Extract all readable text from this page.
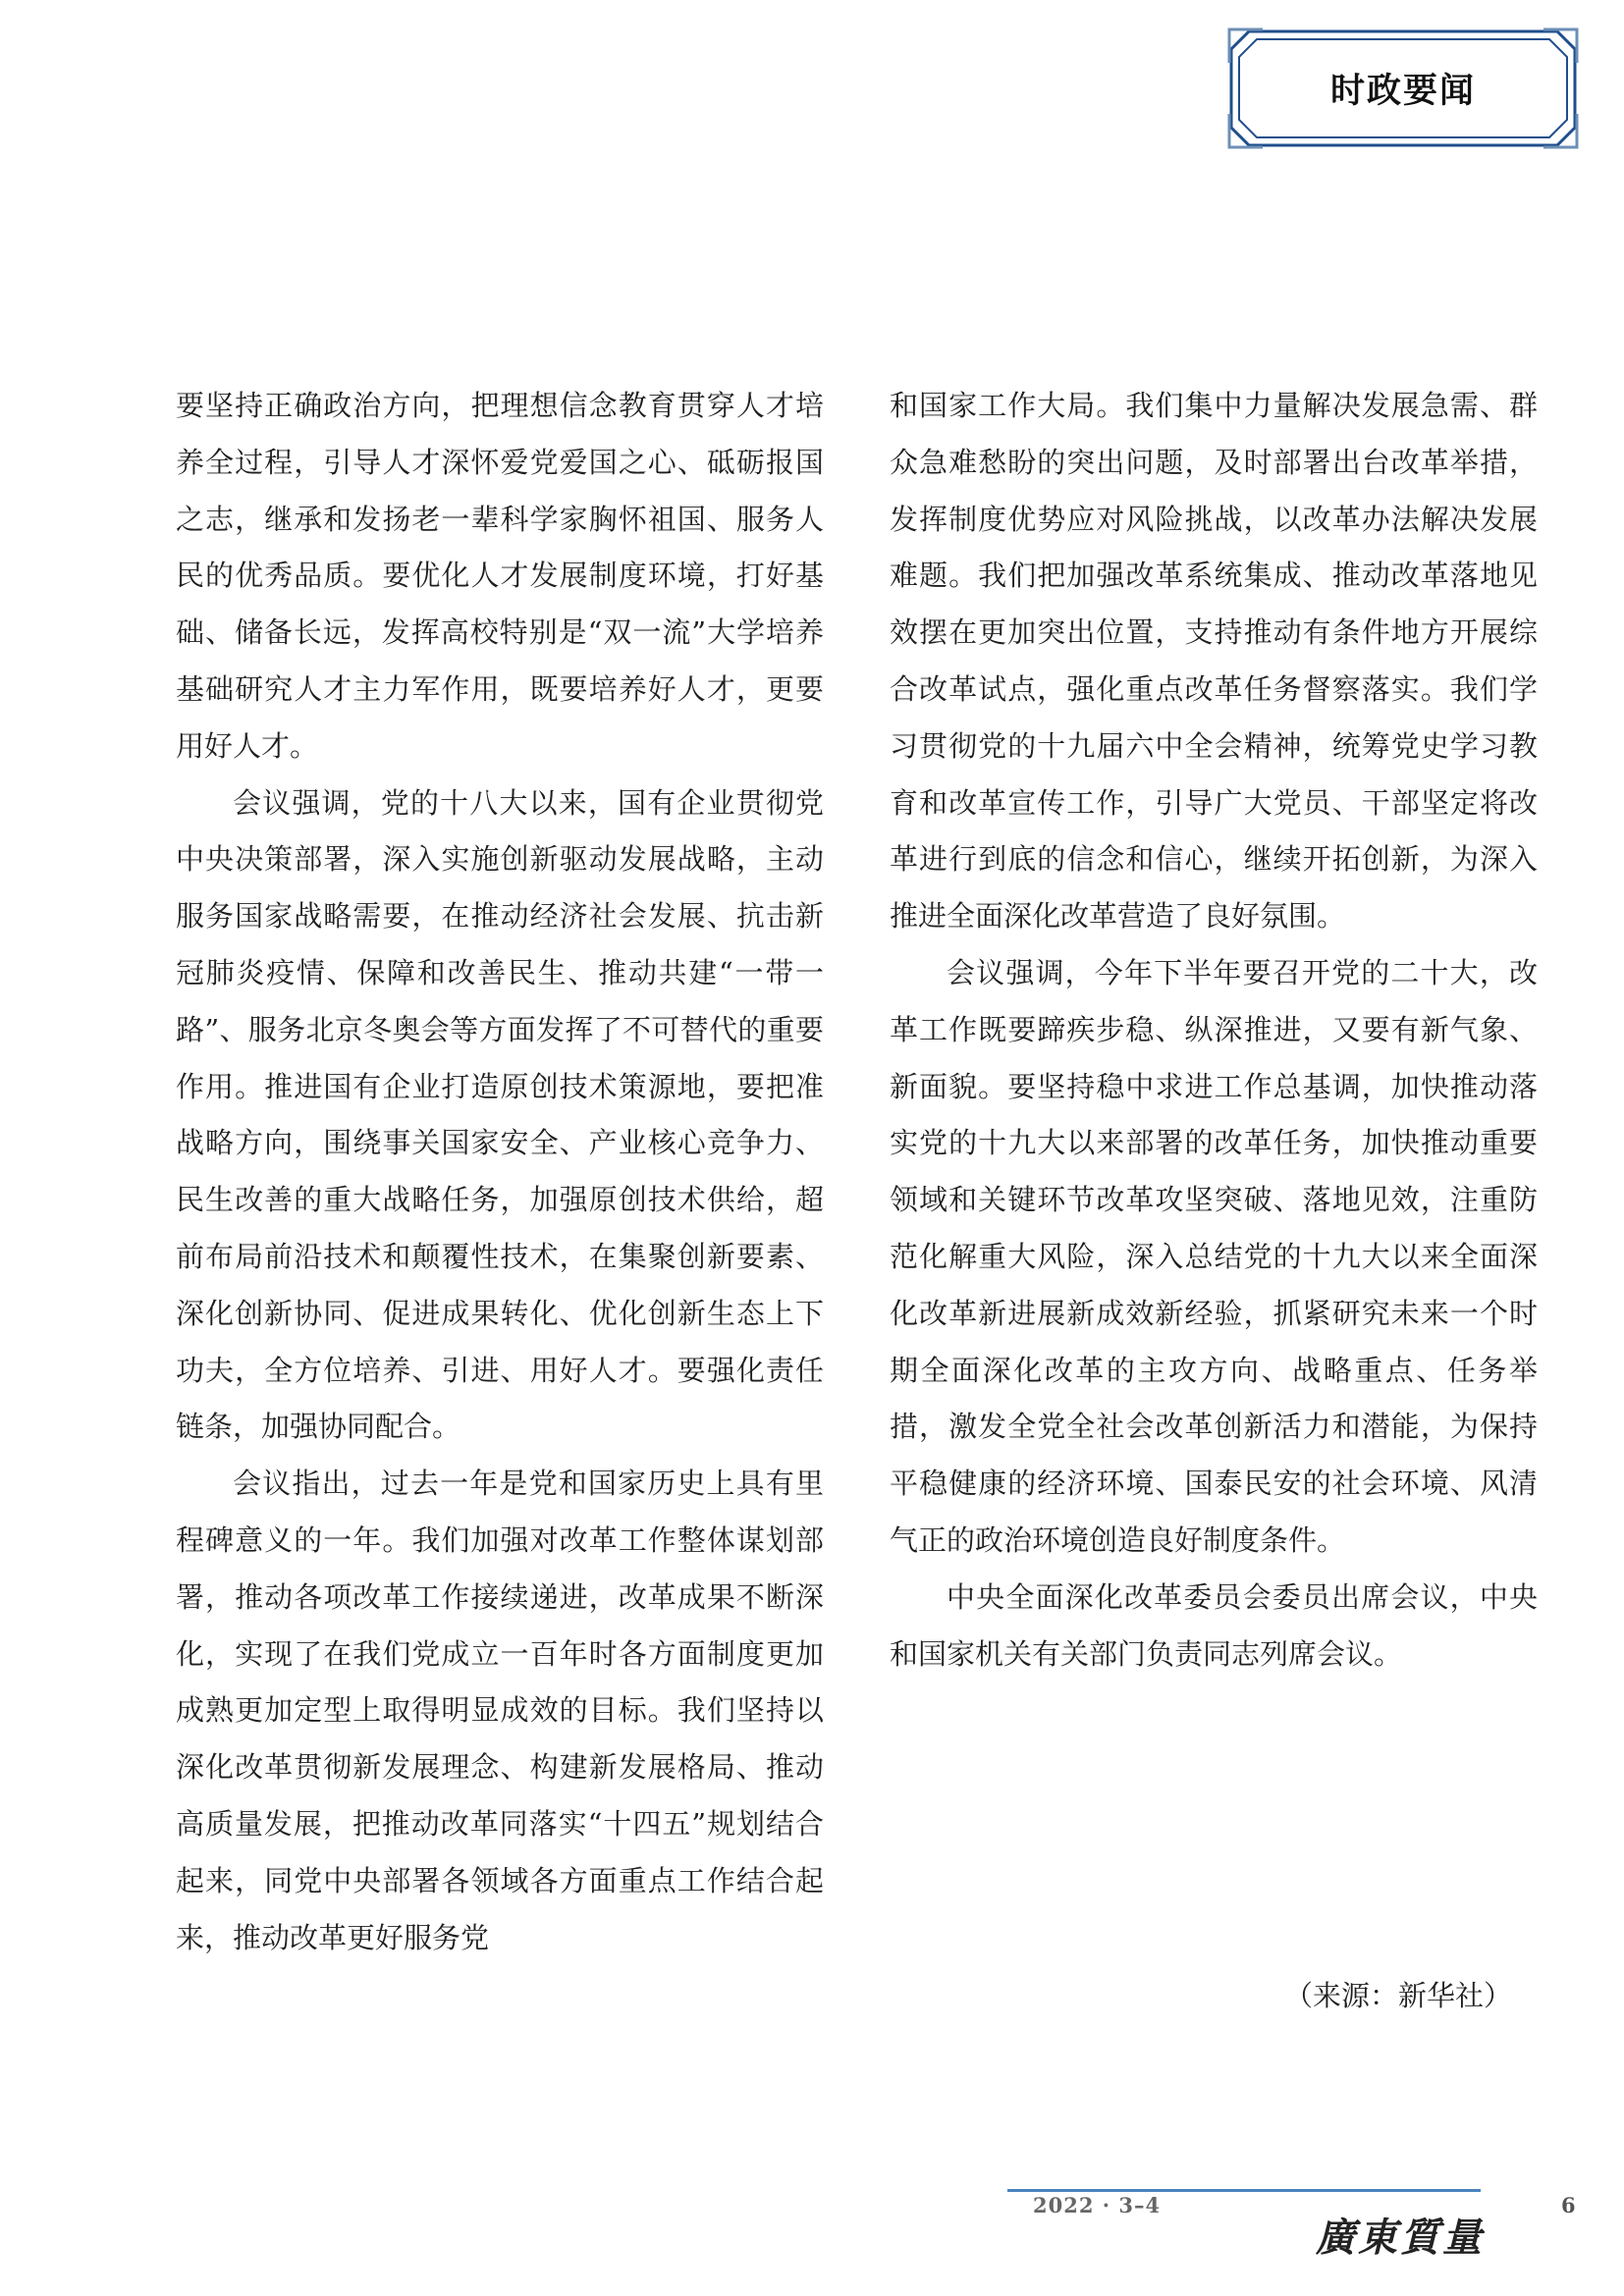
时政要闻

要坚持正确政治方向，把理想信念教育贯穿人才培养全过程，引导人才深怀爱党爱国之心、砥砺报国之志，继承和发扬老一辈科学家胸怀祖国、服务人民的优秀品质。要优化人才发展制度环境，打好基础、储备长远，发挥高校特别是“双一流”大学培养基础研究人才主力军作用，既要培养好人才，更要用好人才。

会议强调，党的十八大以来，国有企业贯彻党中央决策部署，深入实施创新驱动发展战略，主动服务国家战略需要，在推动经济社会发展、抗击新冠肺炎疫情、保障和改善民生、推动共建“一带一路”、服务北京冬奥会等方面发挥了不可替代的重要作用。推进国有企业打造原创技术策源地，要把准战略方向，围绕事关国家安全、产业核心竞争力、民生改善的重大战略任务，加强原创技术供给，超前布局前沿技术和颠覆性技术，在集聚创新要素、深化创新协同、促进成果转化、优化创新生态上下功夫，全方位培养、引进、用好人才。要强化责任链条，加强协同配合。

会议指出，过去一年是党和国家历史上具有里程碑意义的一年。我们加强对改革工作整体谋划部署，推动各项改革工作接续递进，改革成果不断深化，实现了在我们党成立一百年时各方面制度更加成熟更加定型上取得明显成效的目标。我们坚持以深化改革贯彻新发展理念、构建新发展格局、推动高质量发展，把推动改革同落实“十四五”规划结合起来，同党中央部署各领域各方面重点工作结合起来，推动改革更好服务党

和国家工作大局。我们集中力量解决发展急需、群众急难愁盼的突出问题，及时部署出台改革举措，发挥制度优势应对风险挑战，以改革办法解决发展难题。我们把加强改革系统集成、推动改革落地见效摆在更加突出位置，支持推动有条件地方开展综合改革试点，强化重点改革任务督察落实。我们学习贯彻党的十九届六中全会精神，统筹党史学习教育和改革宣传工作，引导广大党员、干部坚定将改革进行到底的信念和信心，继续开拓创新，为深入推进全面深化改革营造了良好氛围。

会议强调，今年下半年要召开党的二十大，改革工作既要蹄疾步稳、纵深推进，又要有新气象、新面貌。要坚持稳中求进工作总基调，加快推动落实党的十九大以来部署的改革任务，加快推动重要领域和关键环节改革攻坚突破、落地见效，注重防范化解重大风险，深入总结党的十九大以来全面深化改革新进展新成效新经验，抓紧研究未来一个时期全面深化改革的主攻方向、战略重点、任务举措，激发全党全社会改革创新活力和潜能，为保持平稳健康的经济环境、国泰民安的社会环境、风清气正的政治环境创造良好制度条件。

中央全面深化改革委员会委员出席会议，中央和国家机关有关部门负责同志列席会议。

（来源：新华社）
2022 · 3–4
廣東質量
6
